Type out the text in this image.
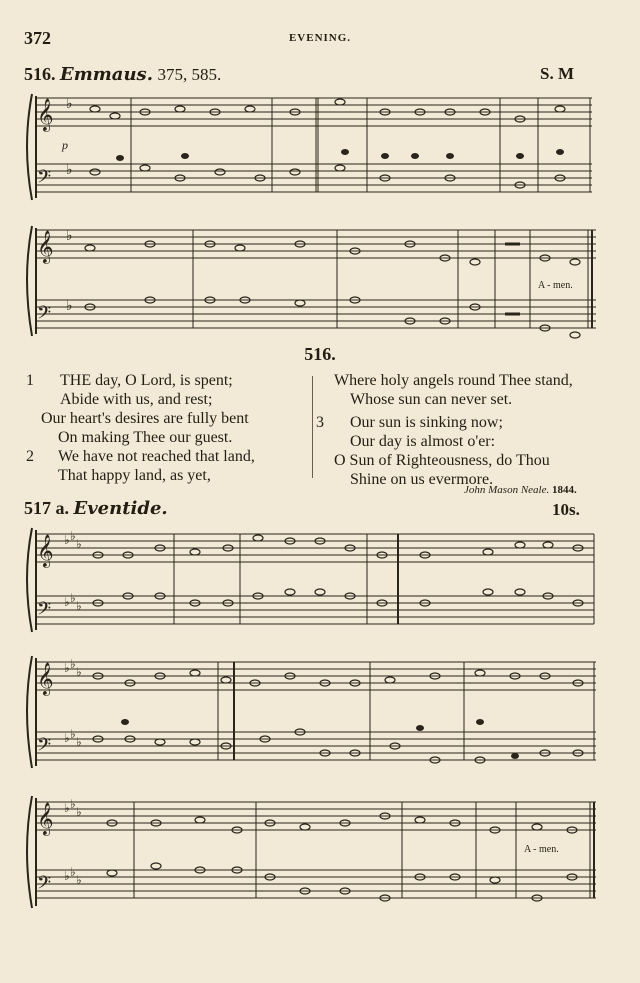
372	EVENING.
516. Emmaus. 375, 585.	S. M
𝄞
𝄢
♭
♭
p
𝄞
𝄢
♭
♭
A - men.
516.
1 THE day, O Lord, is spent;
Abide with us, and rest;
Our heart's desires are fully bent
On making Thee our guest.
2 We have not reached that land,
That happy land, as yet,
Where holy angels round Thee stand,
Whose sun can never set.
3 Our sun is sinking now;
Our day is almost o'er:
O Sun of Righteousness, do Thou
Shine on us evermore.
John Mason Neale. 1844.
517 a. Eventide.	10s.
𝄞
𝄢
♭ ♭
♭
♭ ♭
♭
𝄞
𝄢
♭ ♭
♭
♭ ♭
♭
𝄞
𝄢
♭ ♭
♭
♭ ♭
♭
A - men.
